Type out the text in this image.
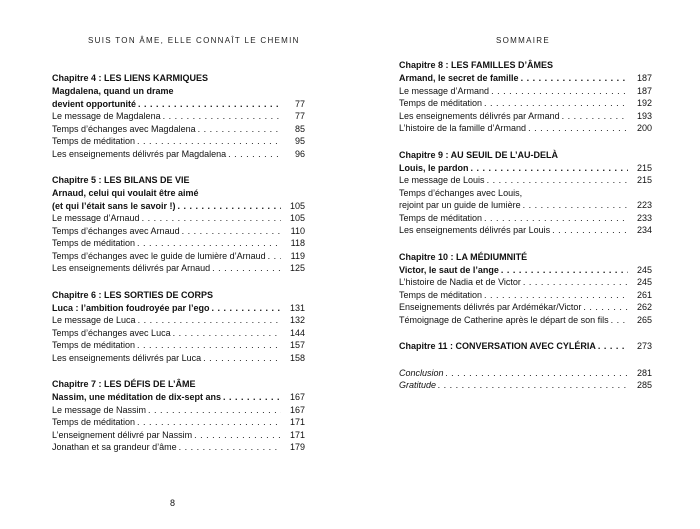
SUIS TON ÂME, ELLE CONNAÎT LE CHEMIN
Chapitre 4 : LES LIENS KARMIQUES
Magdalena, quand un drame
devient opportunité . . .	77
Le message de Magdalena . . .	77
Temps d’échanges avec Magdalena . . .	85
Temps de méditation . . .	95
Les enseignements délivrés par Magdalena . . .	96
Chapitre 5 : LES BILANS DE VIE
Arnaud, celui qui voulait être aimé
(et qui l’était sans le savoir !) . . .	105
Le message d’Arnaud . . .	105
Temps d’échanges avec Arnaud . . .	110
Temps de méditation . . .	118
Temps d’échanges avec le guide de lumière d’Arnaud . . .	119
Les enseignements délivrés par Arnaud . . .	125
Chapitre 6 : LES SORTIES DE CORPS
Luca : l’ambition foudroyée par l’ego . . .	131
Le message de Luca . . .	132
Temps d’échanges avec Luca . . .	144
Temps de méditation . . .	157
Les enseignements délivrés par Luca . . .	158
Chapitre 7 : LES DÉFIS DE L’ÂME
Nassim, une méditation de dix-sept ans . . .	167
Le message de Nassim . . .	167
Temps de méditation . . .	171
L’enseignement délivré par Nassim . . .	171
Jonathan et sa grandeur d’âme . . .	179
8
SOMMAIRE
Chapitre 8 : LES FAMILLES D’ÂMES
Armand, le secret de famille . . .	187
Le message d’Armand . . .	187
Temps de méditation . . .	192
Les enseignements délivrés par Armand . . .	193
L’histoire de la famille d’Armand . . .	200
Chapitre 9 : AU SEUIL DE L’AU-DELÀ
Louis, le pardon . . .	215
Le message de Louis . . .	215
Temps d’échanges avec Louis,
rejoint par un guide de lumière . . .	223
Temps de méditation . . .	233
Les enseignements délivrés par Louis . . .	234
Chapitre 10 : LA MÉDIUMNITÉ
Victor, le saut de l’ange . . .	245
L’histoire de Nadia et de Victor . . .	245
Temps de méditation . . .	261
Enseignements délivrés par Ardémékar/Victor . . .	262
Témoignage de Catherine après le départ de son fils . . .	265
Chapitre 11 : CONVERSATION AVEC CYLÉRIA . . .	273
Conclusion . . .	281
Gratitude . . .	285
